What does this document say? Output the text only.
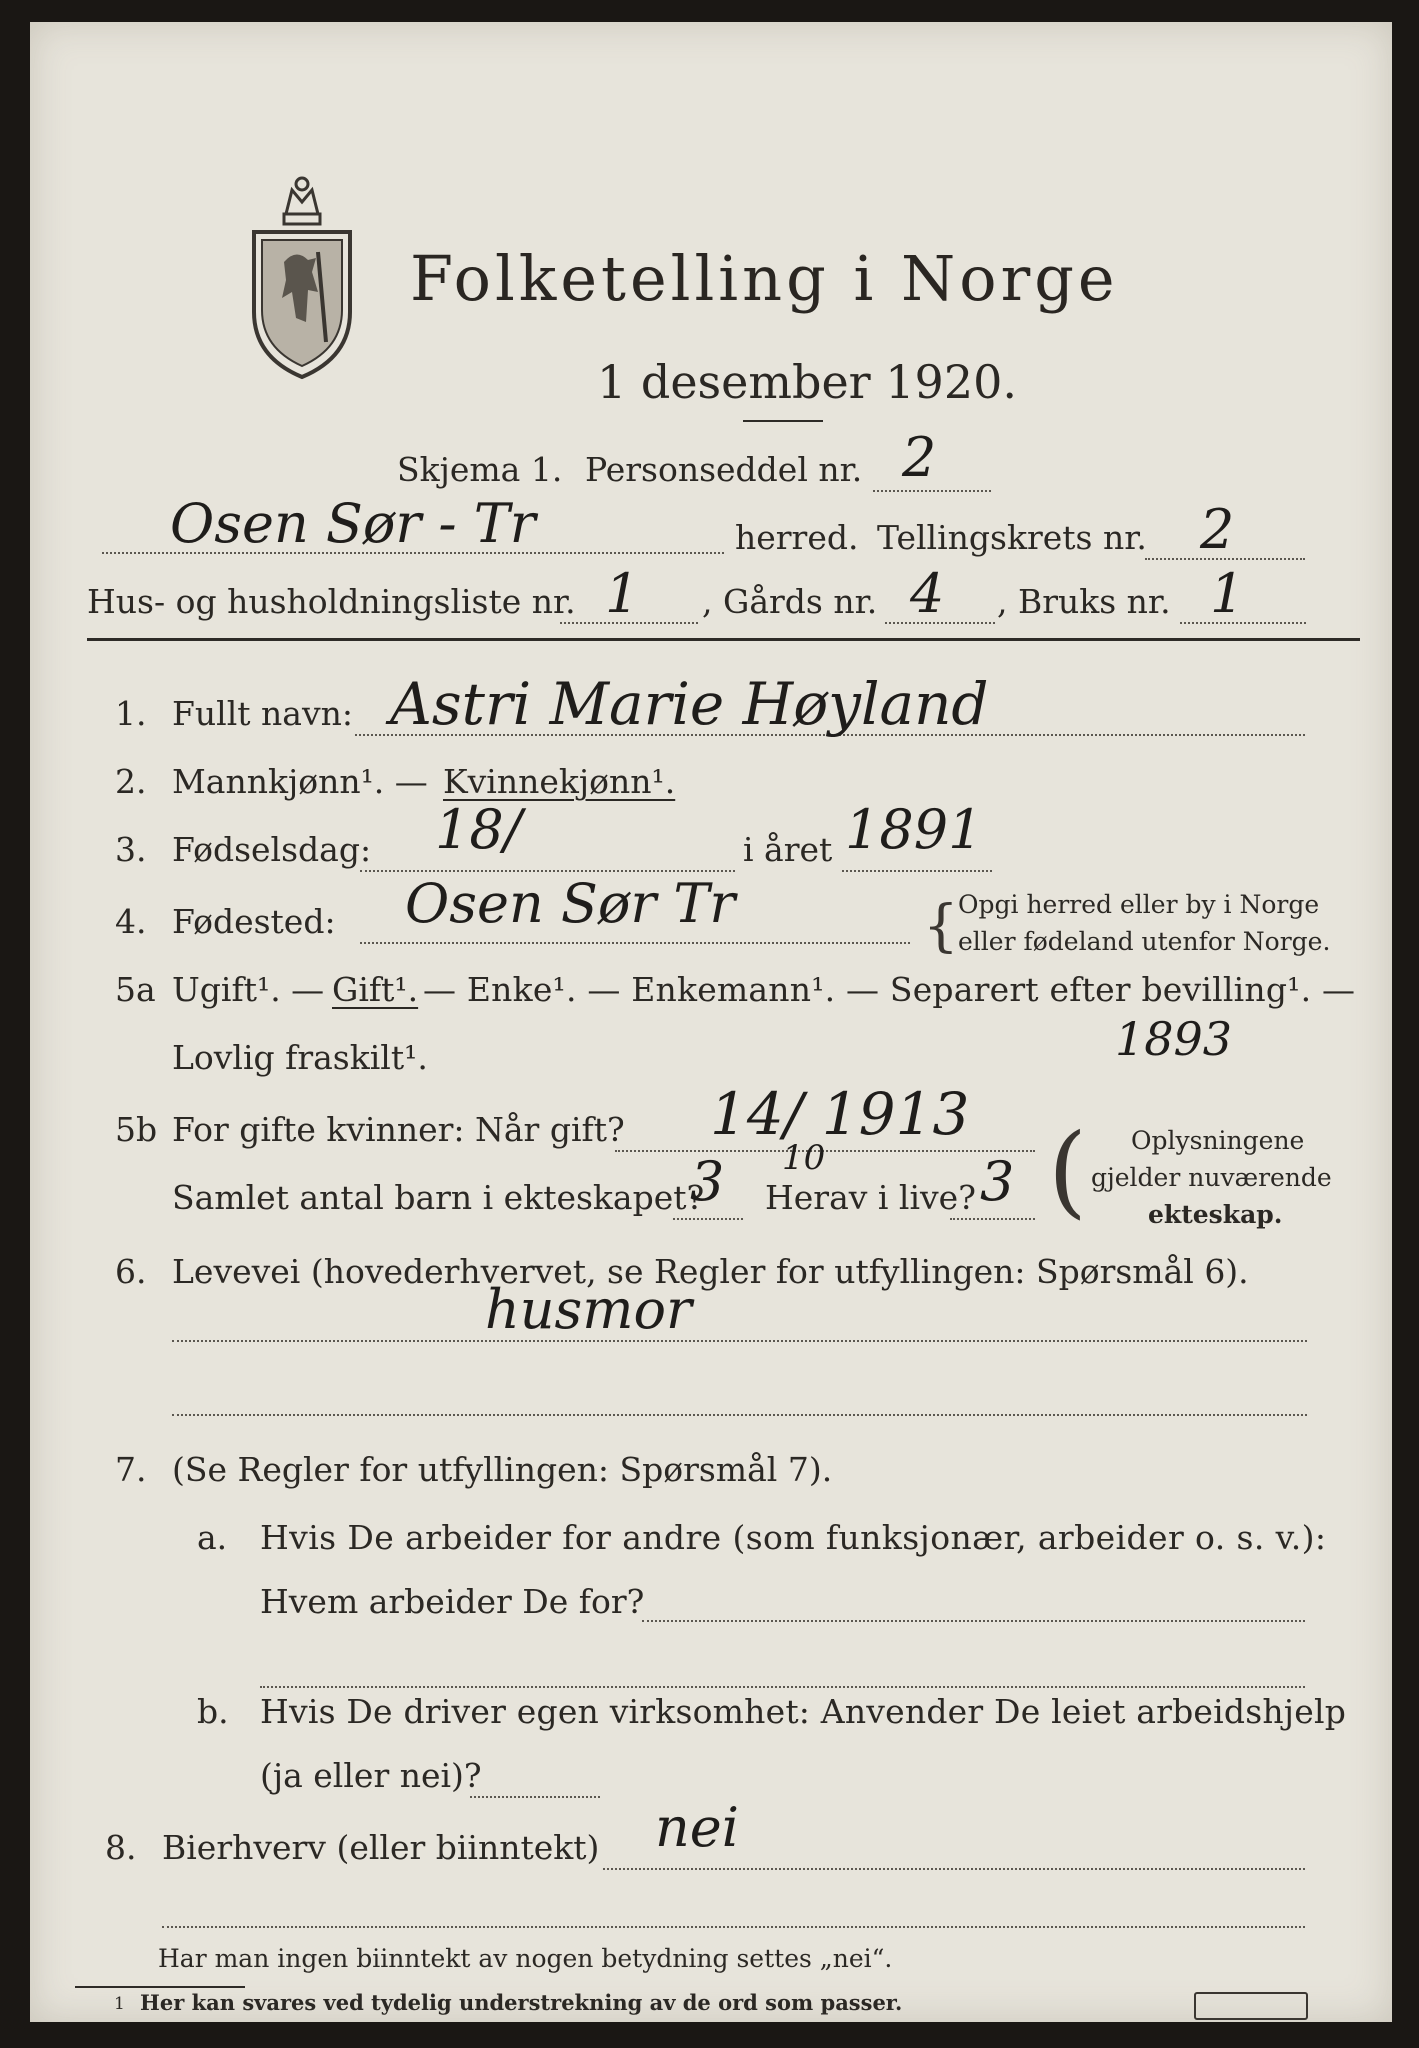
Folketelling i Norge
1 desember 1920.
Skjema 1. Personseddel nr. 2
Osen Sør - Tr	herred. Tellingskrets nr. 2
Hus- og husholdningsliste nr. 1 , Gårds nr. 4 , Bruks nr. 1
1. Fullt navn: Astri Marie Høyland
2. Mannkjønn¹. — Kvinnekjønn¹.
3. Fødselsdag: 18/	i året 1891
4. Fødested: Osen Sør Tr	{ Opgi herred eller by i Norge
eller fødeland utenfor Norge.
5a Ugift¹. — Gift¹. — Enke¹. — Enkemann¹. — Separert efter bevilling¹. —
Lovlig fraskilt¹.	1893
5b For gifte kvinner: Når gift? 14/ 1913
10
Samlet antal barn i ekteskapet?
3 Herav i live? 3 ( Oplysningene
gjelder nuværende
ekteskap.
6. Levevei (hovederhvervet, se Regler for utfyllingen: Spørsmål 6).
husmor
7. (Se Regler for utfyllingen: Spørsmål 7).
a. Hvis De arbeider for andre (som funksjonær, arbeider o. s. v.):
Hvem arbeider De for?
b. Hvis De driver egen virksomhet: Anvender De leiet arbeidshjelp
(ja eller nei)?
8. Bierhverv (eller biinntekt) nei
Har man ingen biinntekt av nogen betydning settes „nei“.
1 Her kan svares ved tydelig understrekning av de ord som passer.
